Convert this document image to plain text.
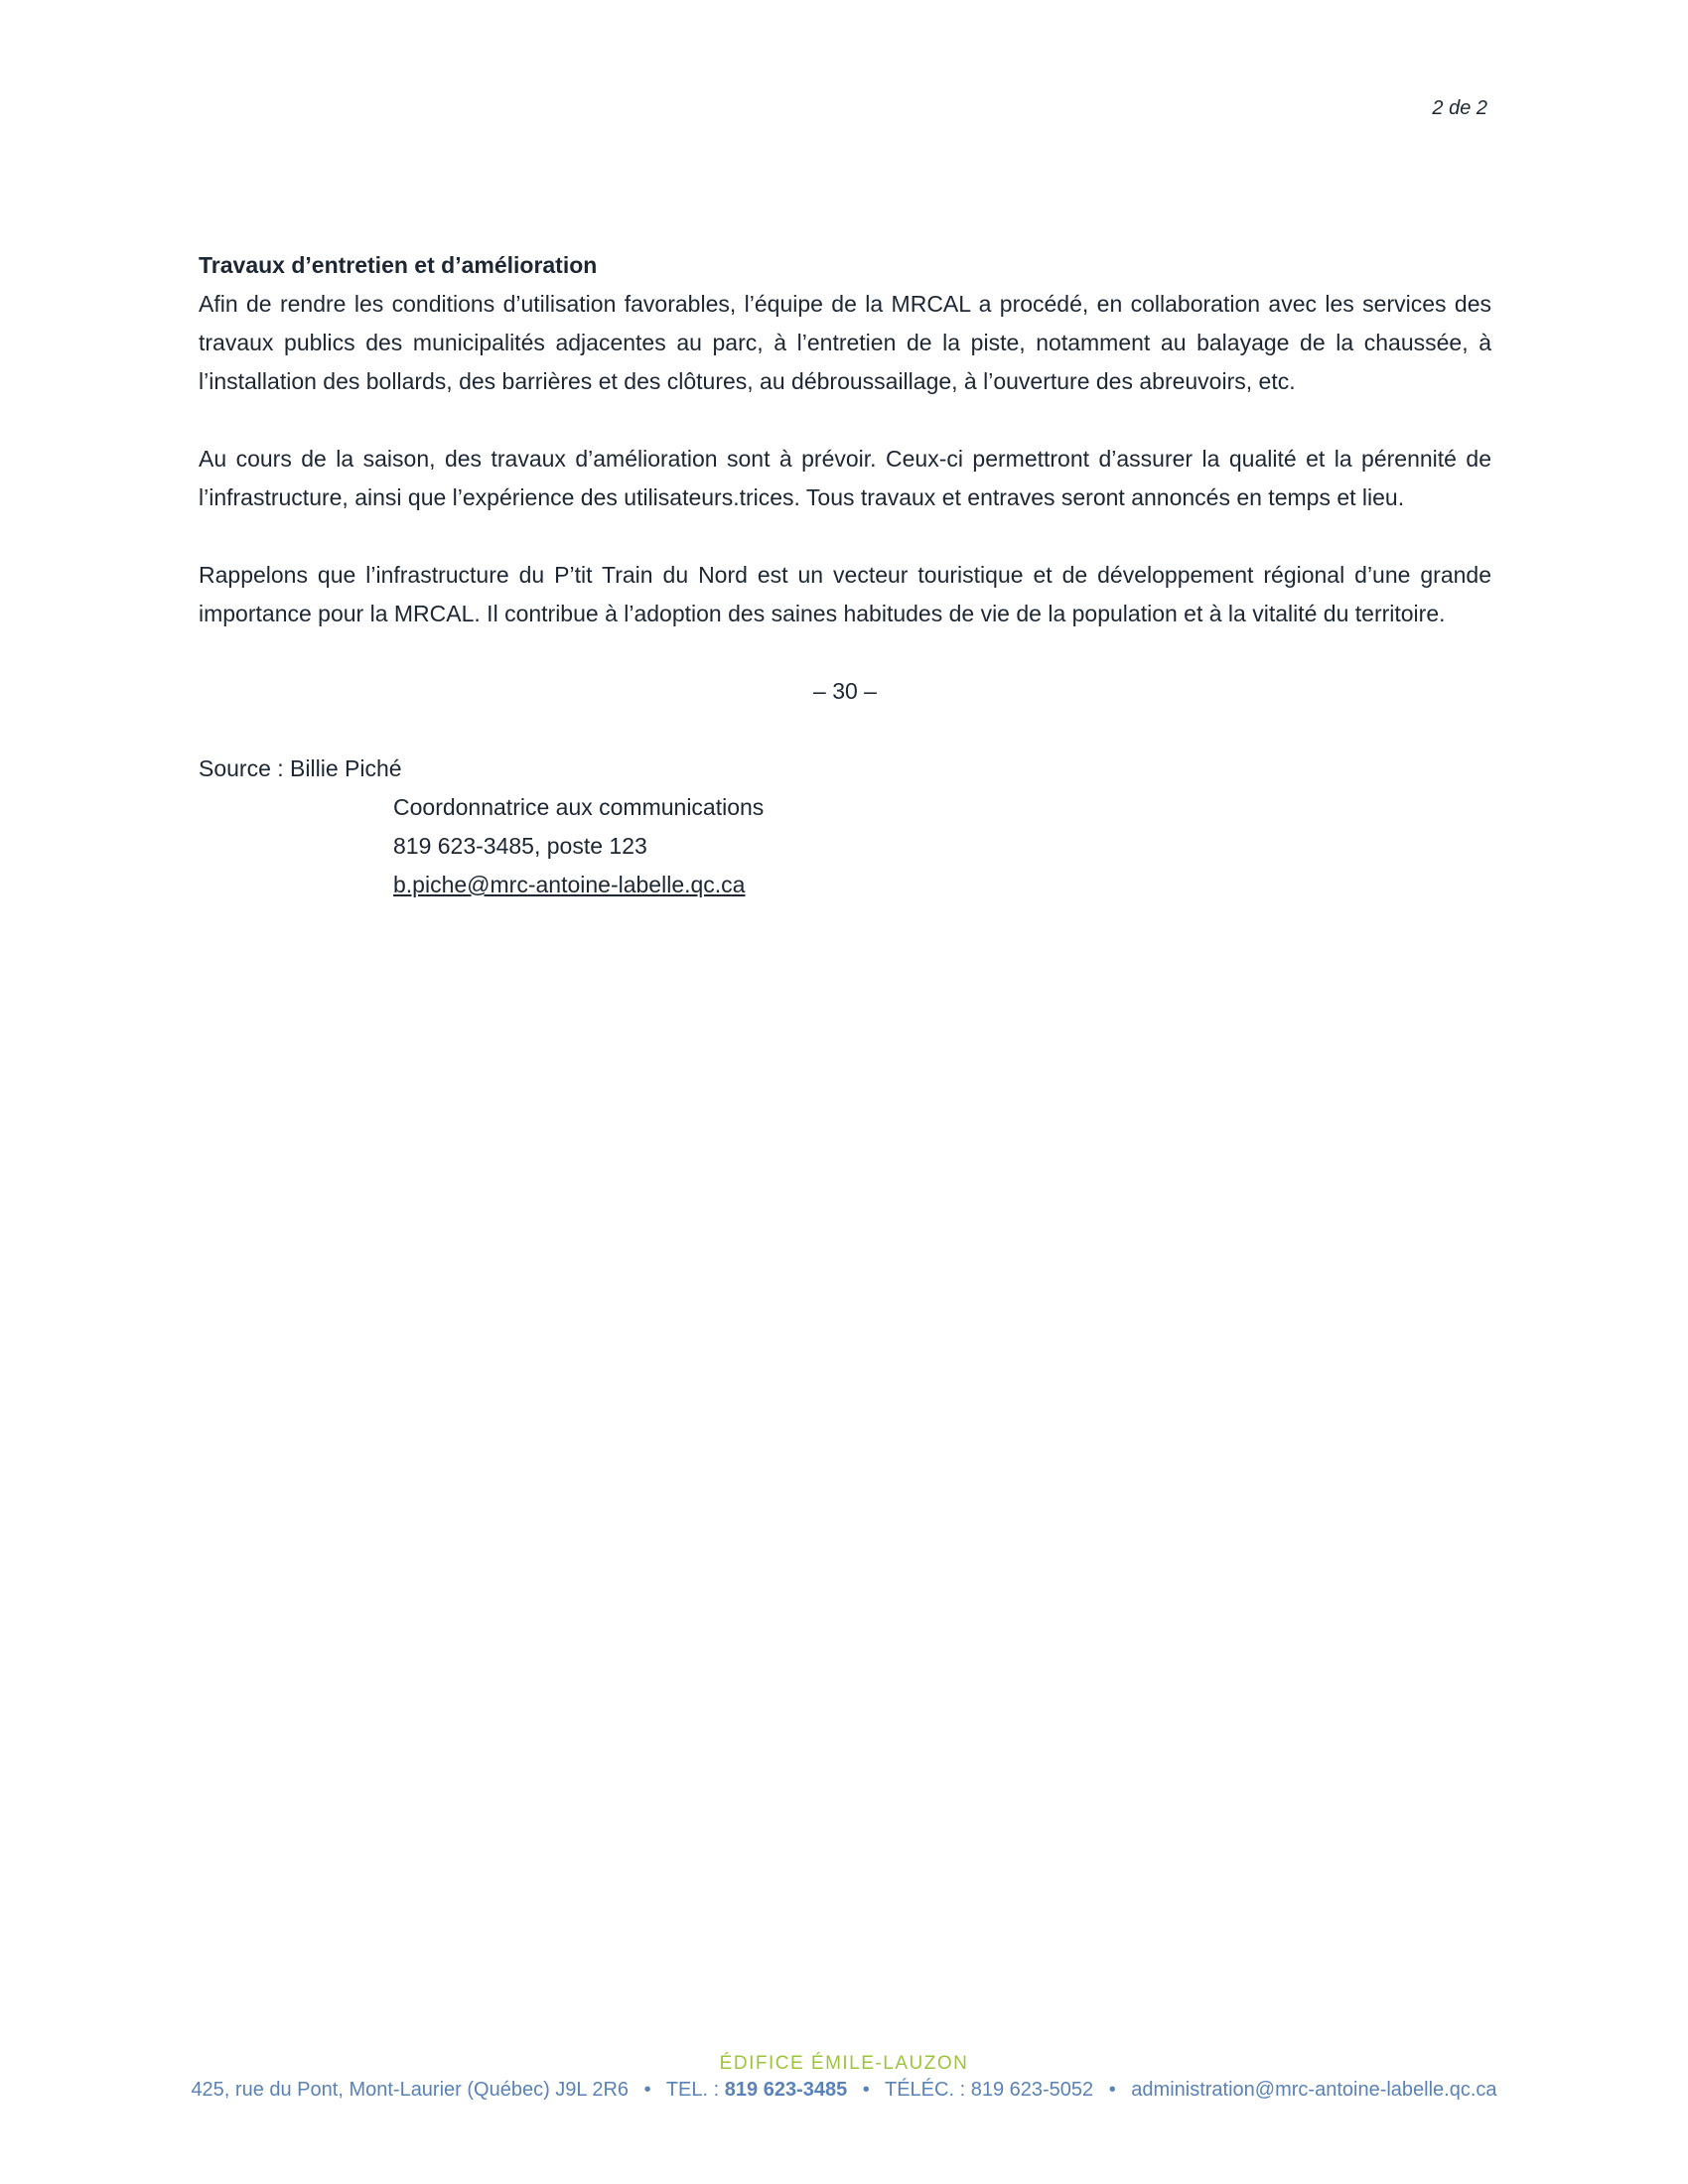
2 de 2

Travaux d’entretien et d’amélioration

Afin de rendre les conditions d’utilisation favorables, l’équipe de la MRCAL a procédé, en collaboration avec les services des travaux publics des municipalités adjacentes au parc, à l’entretien de la piste, notamment au balayage de la chaussée, à l’installation des bollards, des barrières et des clôtures, au débroussaillage, à l’ouverture des abreuvoirs, etc.

Au cours de la saison, des travaux d’amélioration sont à prévoir. Ceux-ci permettront d’assurer la qualité et la pérennité de l’infrastructure, ainsi que l’expérience des utilisateurs.trices. Tous travaux et entraves seront annoncés en temps et lieu.

Rappelons que l’infrastructure du P’tit Train du Nord est un vecteur touristique et de développement régional d’une grande importance pour la MRCAL. Il contribue à l’adoption des saines habitudes de vie de la population et à la vitalité du territoire.

– 30 –

Source : Billie Piché

Coordonnatrice aux communications
819 623-3485, poste 123
b.piche@mrc-antoine-labelle.qc.ca
ÉDIFICE ÉMILE-LAUZON
425, rue du Pont, Mont-Laurier (Québec) J9L 2R6 • TEL. : 819 623-3485 • TÉLÉC. : 819 623-5052 • administration@mrc-antoine-labelle.qc.ca
